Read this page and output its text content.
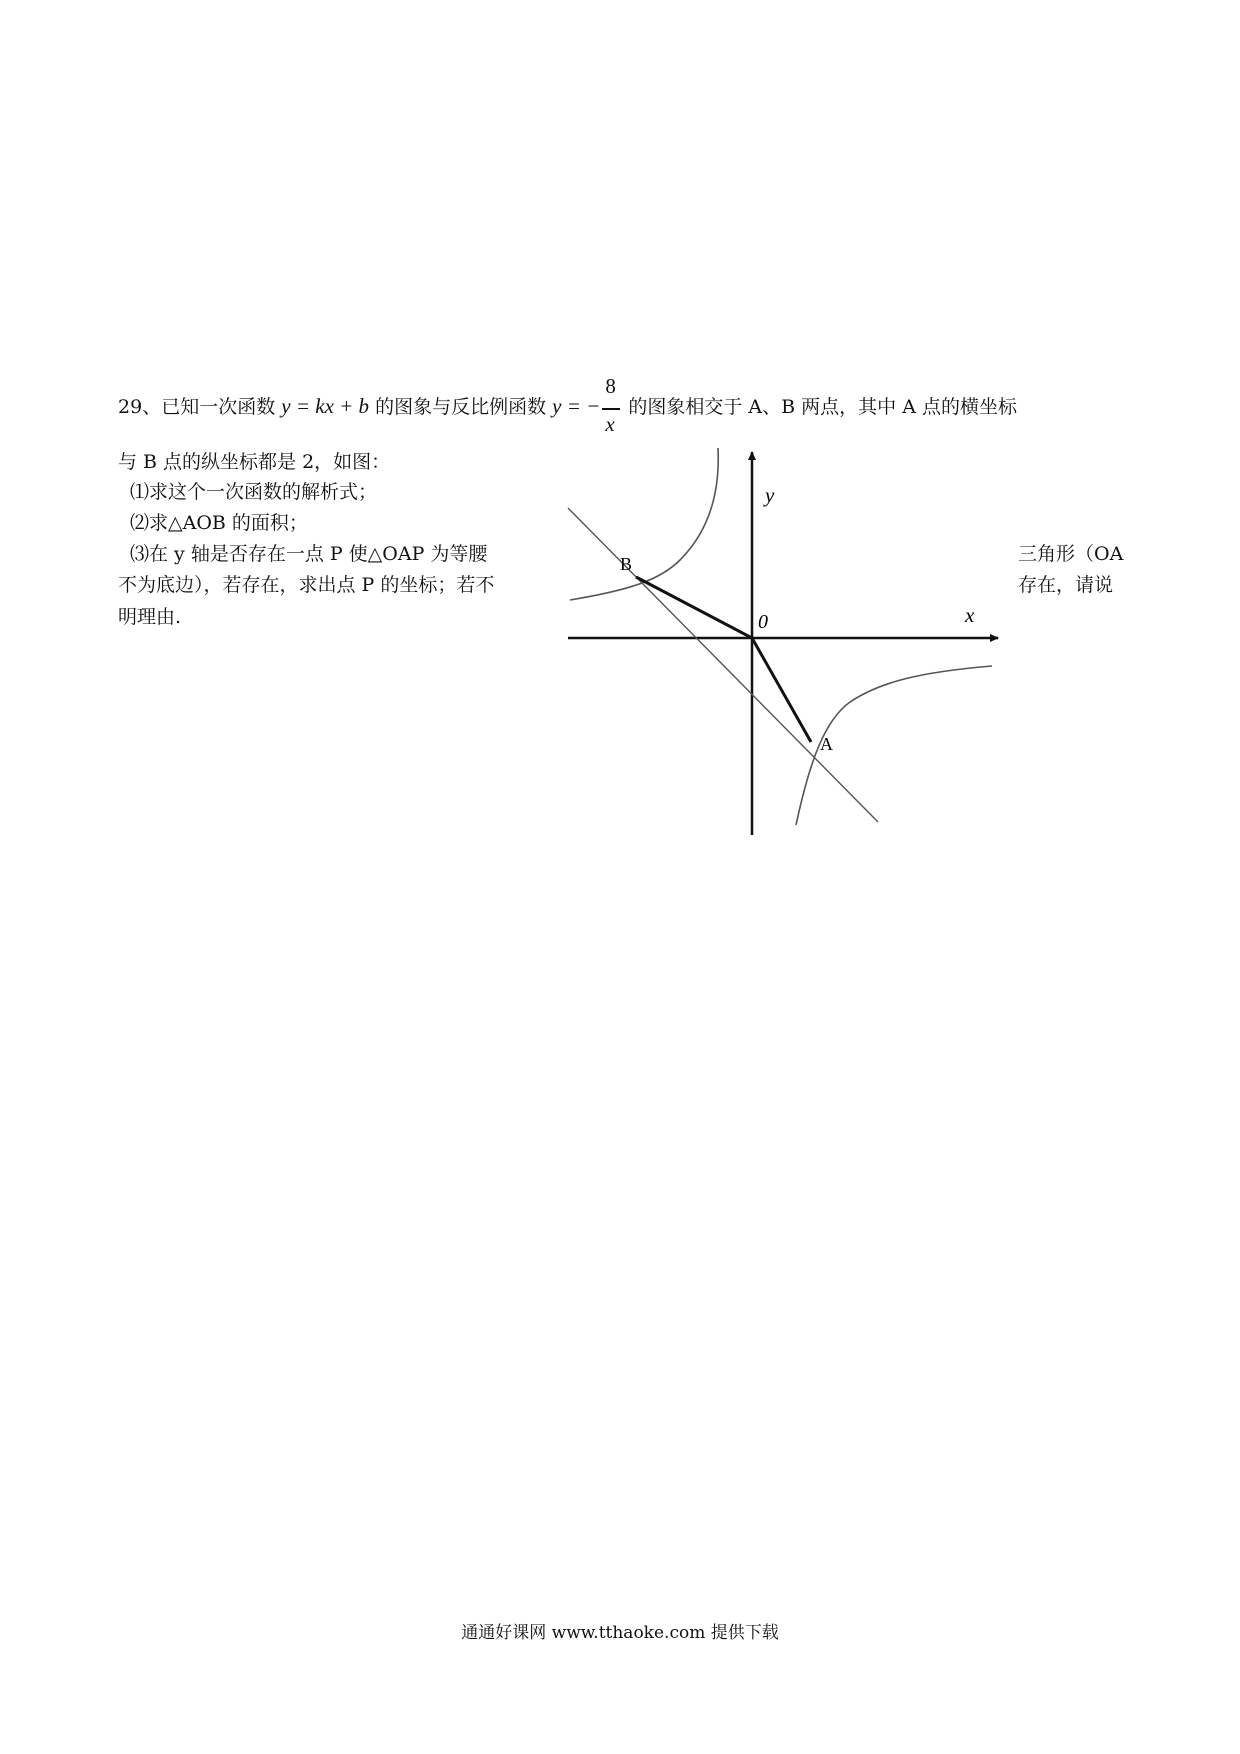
29、已知一次函数 y = kx + b 的图象与反比例函数 y = − $\frac{8}{x}$ 的图象相交于 A、B 两点，其中 A 点的横坐标
与 B 点的纵坐标都是 2，如图：
⑴求这个一次函数的解析式；
⑵求△AOB 的面积；
⑶在 y 轴是否存在一点 P 使△OAP 为等腰	三角形（OA
不为底边），若存在，求出点 P 的坐标；若不	存在，请说
明理由.
y
x
0
B
A
通通好课网 www.tthaoke.com 提供下载
